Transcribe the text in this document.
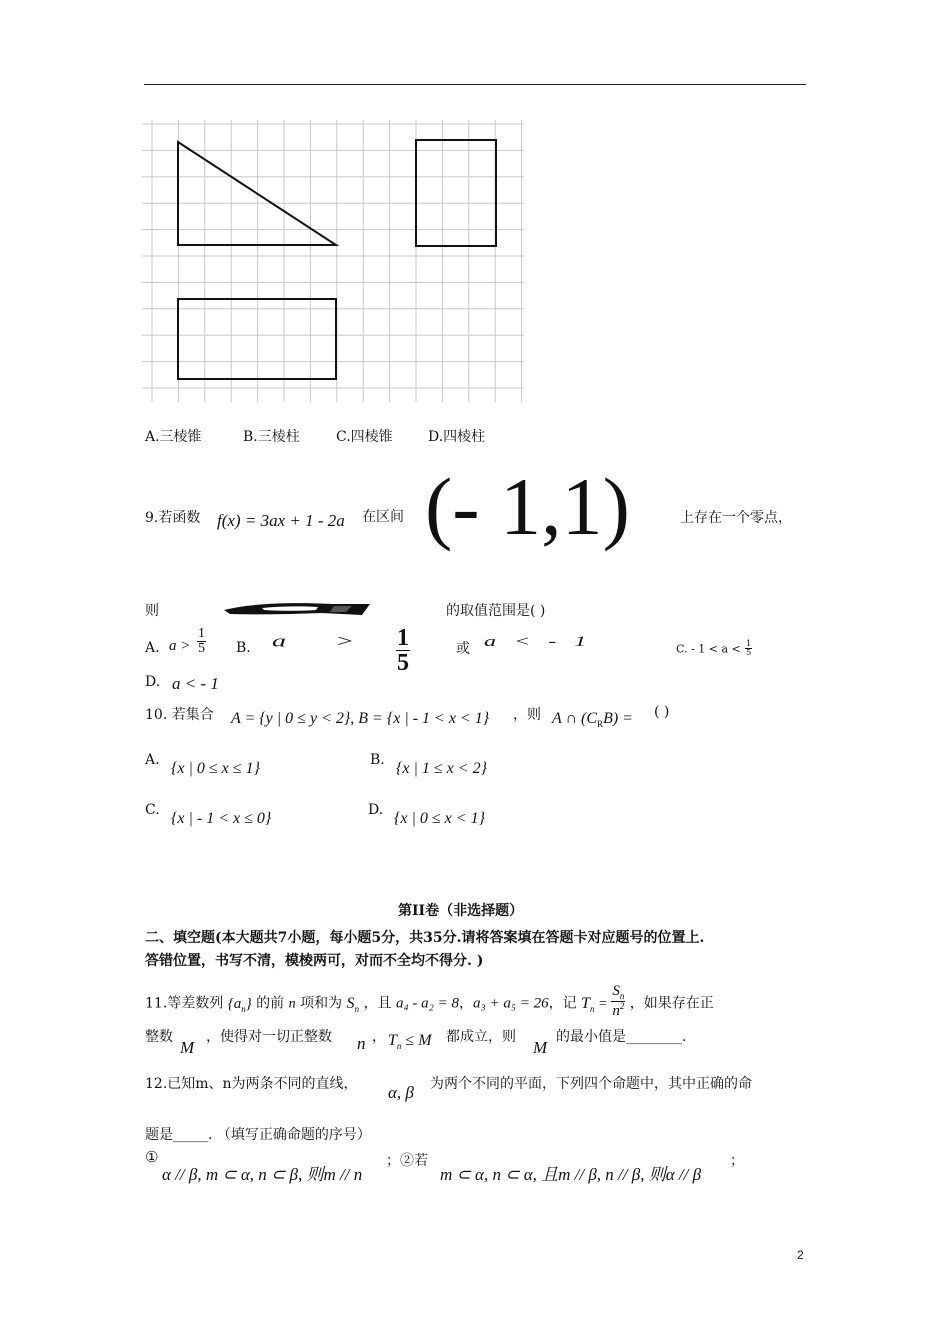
A.三棱锥	B.三棱柱	C.四棱锥	D.四棱柱
9.若函数 f(x) = 3ax + 1 - 2a 在区间 (- 1,1)	上存在一个零点，
则	的取值范围是( )
A. $a > \frac{1}{5} B$. $a > \frac{1}{5}$	或 a < - 1	C. - $1 < a < \frac{1}{5}$
D. a < - 1
10. 若集合 A = {y | 0 ≤ y < 2}, B = {x | - 1 < x < 1} ，则 A ∩ $(C_RB)$ = ( )
A. {x | 0 ≤ x ≤ 1}	B. {x | 1 ≤ x < 2}
C. {x | - 1 < x ≤ 0}	D. {x | 0 ≤ x < 1}
第II卷（非选择题）
二、填空题(本大题共7小题，每小题5分，共35分.请将答案填在答题卡对应题号的位置上.
答错位置，书写不清，模棱两可，对而不全均不得分. )
11.等差数列 $\{a_n\}$ 的前 n 项和为 $S_n$ ，且 a₄ - a₂ = 8，a₃ + a₅ = 26，记 $T_n = \frac{S_n}{n^2}$ ，如果存在正
整数
M
，使得对一切正整数 n ， $T_n \le M$ 都成立，则
M
的最小值是________.
12.已知m、n为两条不同的直线， α, β 为两个不同的平面，下列四个命题中，其中正确的命
题是_____. （填写正确命题的序号）
①
α // β, m ⊂ α, n ⊂ β, 则m // n
； ②若
m ⊂ α, n ⊂ α, 且m // β, n // β, 则α // β
；
2
